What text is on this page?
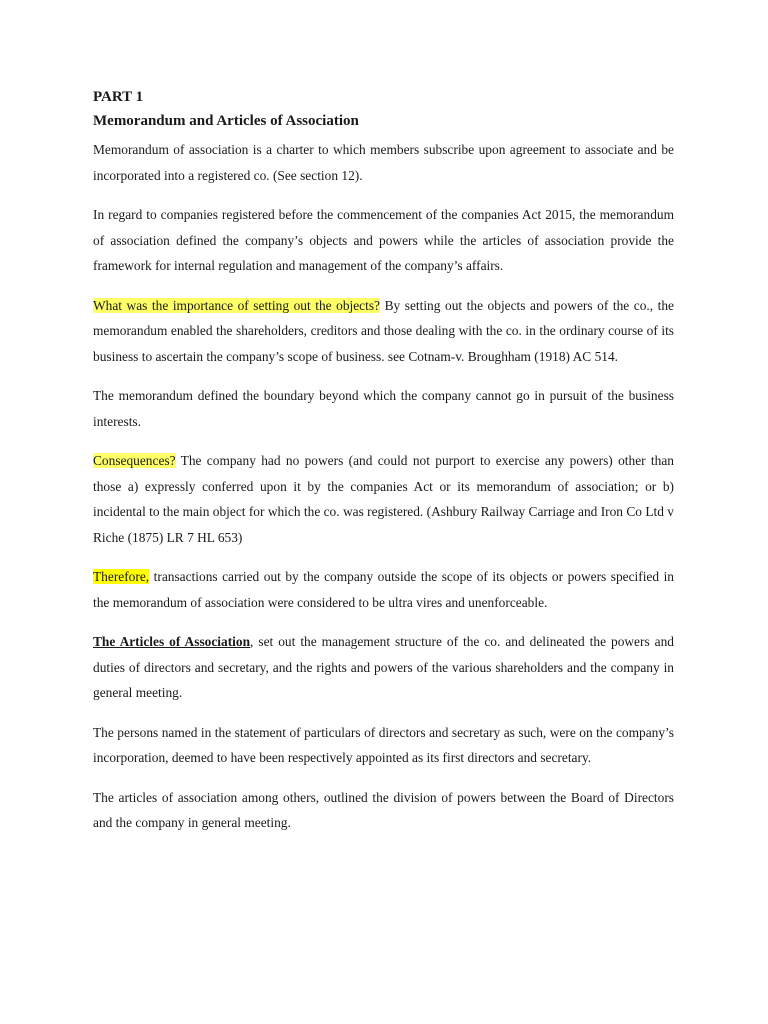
PART 1

Memorandum and Articles of Association

Memorandum of association is a charter to which members subscribe upon agreement to associate and be incorporated into a registered co. (See section 12).

In regard to companies registered before the commencement of the companies Act 2015, the memorandum of association defined the company’s objects and powers while the articles of association provide the framework for internal regulation and management of the company’s affairs.

What was the importance of setting out the objects? By setting out the objects and powers of the co., the memorandum enabled the shareholders, creditors and those dealing with the co. in the ordinary course of its business to ascertain the company’s scope of business. see Cotnam-v. Broughham (1918) AC 514.

The memorandum defined the boundary beyond which the company cannot go in pursuit of the business interests.

Consequences? The company had no powers (and could not purport to exercise any powers) other than those a) expressly conferred upon it by the companies Act or its memorandum of association; or b) incidental to the main object for which the co. was registered. (Ashbury Railway Carriage and Iron Co Ltd v Riche (1875) LR 7 HL 653)

Therefore, transactions carried out by the company outside the scope of its objects or powers specified in the memorandum of association were considered to be ultra vires and unenforceable.

The Articles of Association, set out the management structure of the co. and delineated the powers and duties of directors and secretary, and the rights and powers of the various shareholders and the company in general meeting.

The persons named in the statement of particulars of directors and secretary as such, were on the company’s incorporation, deemed to have been respectively appointed as its first directors and secretary.

The articles of association among others, outlined the division of powers between the Board of Directors and the company in general meeting.
